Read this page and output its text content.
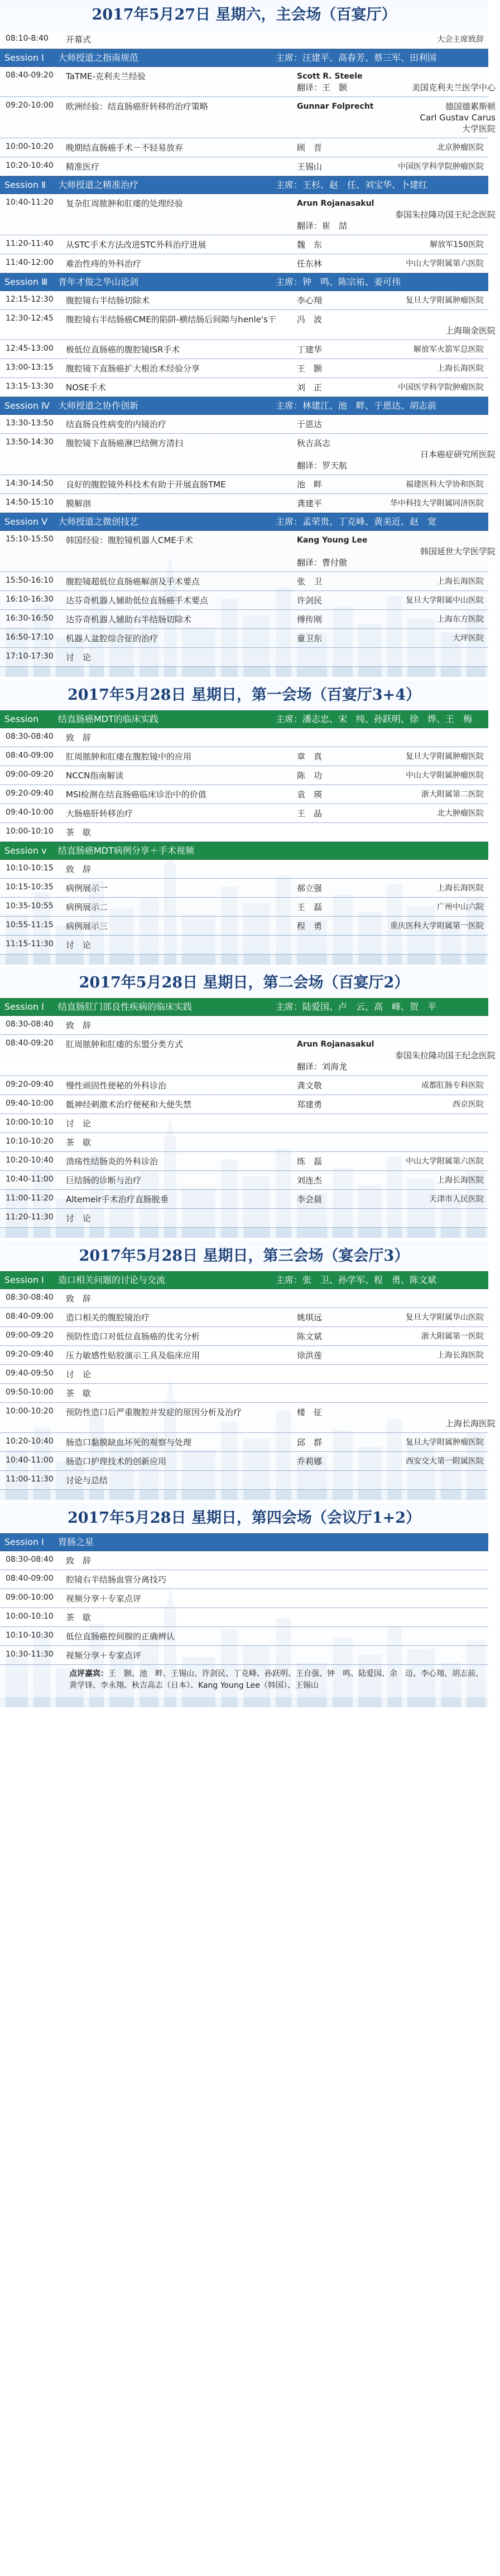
2017年5月27日 星期六，主会场（百宴厅）
08:10-8:40	开幕式	大会主席致辞
Session Ⅰ	大师授道之指南规范	主席：汪建平、高春芳、蔡三军、田利国
08:40-09:20	TaTME-克利夫兰经验	Scott R. Steele
翻译：王　颢	美国克利夫兰医学中心
09:20-10:00	欧洲经验：结直肠癌肝转移的治疗策略	Gunnar Folprecht	德国德累斯顿
Carl Gustav Carus
大学医院
10:00-10:20	晚期结直肠癌手术－不轻易放弃	顾　晋	北京肿瘤医院
10:20-10:40	精准医疗	王锡山	中国医学科学院肿瘤医院
Session Ⅱ	大师授道之精准治疗	主席：王杉、赵　任、刘宝华、卜建红
10:40-11:20	复杂肛周脓肿和肛瘘的处理经验	Arun Rojanasakul
泰国朱拉隆功国王纪念医院
翻译：崔　喆
11:20-11:40	从STC手术方法改进STC外科治疗进展	魏　东	解放军150医院
11:40-12:00	难治性痔的外科治疗	任东林	中山大学附属第六医院
Session Ⅲ	青年才俊之华山论剑	主席：钟　鸣、陈宗祐、姜可伟
12:15-12:30	腹腔镜右半结肠切除术	李心翔	复旦大学附属肿瘤医院
12:30-12:45	腹腔镜右半结肠癌CME的陷阱-横结肠后间隙与henle's干	冯　波
上海瑞金医院
12:45-13:00	极低位直肠癌的腹腔镜ISR手术	丁建华	解放军火箭军总医院
13:00-13:15	腹腔镜下直肠癌扩大根治术经验分享	王　颢	上海长海医院
13:15-13:30	NOSE手术	刘　正	中国医学科学院肿瘤医院
Session Ⅳ 大师授道之协作创新	主席：林建江、池　畔、于恩达、胡志前
13:30-13:50	结直肠良性病变的内镜治疗	于恩达
13:50-14:30	腹腔镜下直肠癌淋巴结侧方清扫	秋吉高志
日本癌症研究所医院
翻译：罗天航
14:30-14:50	良好的腹腔镜外科技术有助于开展直肠TME	池　畔	福建医科大学协和医院
14:50-15:10	膜解剖	龚建平	华中科技大学附属同济医院
Session Ⅴ	大师授道之微创技艺	主席：孟荣贵、丁克峰、黄美近、赵　宽
15:10-15:50	韩国经验：腹腔镜机器人CME手术	Kang Young Lee
韩国延世大学医学院
翻译：曹付傲
15:50-16:10	腹腔镜超低位直肠癌解剖及手术要点	张　卫	上海长海医院
16:10-16:30	达芬奇机器人辅助低位直肠癌手术要点	许剑民	复旦大学附属中山医院
16:30-16:50	达芬奇机器人辅助右半结肠切除术	傅传刚	上海东方医院
16:50-17:10	机器人盆腔综合征的治疗	童卫东	大坪医院
17:10-17:30	讨　论
2017年5月28日 星期日，第一会场（百宴厅3+4）
Session	结直肠癌MDT的临床实践	主席：潘志忠、宋　纯、孙跃明、徐　烨、王　梅
08:30-08:40	致　辞
08:40-09:00	肛周脓肿和肛瘘在腹腔镜中的应用	章　真	复旦大学附属肿瘤医院
09:00-09:20	NCCN指南解读	陈　功	中山大学附属肿瘤医院
09:20-09:40	MSI检测在结直肠癌临床诊治中的价值	袁　瑛	浙大附属第二医院
09:40-10:00	大肠癌肝转移治疗	王　晶	北大肿瘤医院
10:00-10:10	茶　歇
Session ⅴ	结直肠癌MDT病例分享＋手术视频
10:10-10:15	致　辞
10:15-10:35	病例展示一	郝立强	上海长海医院
10:35-10:55	病例展示二	王　磊	广州中山六院
10:55-11:15	病例展示三	程　勇	重庆医科大学附属第一医院
11:15-11:30	讨　论
2017年5月28日 星期日，第二会场（百宴厅2）
Session Ⅰ	结直肠肛门部良性疾病的临床实践	主席：陆爱国、卢　云、高　峰、贺　平
08:30-08:40	致　辞
08:40-09:20	肛周脓肿和肛瘘的东盟分类方式	Arun Rojanasakul
泰国朱拉隆功国王纪念医院
翻译：刘海龙
09:20-09:40	慢性顽固性便秘的外科诊治	龚文敬	成都肛肠专科医院
09:40-10:00	骶神经刺激术治疗便秘和大便失禁	郑建勇	西京医院
10:00-10:10	讨　论
10:10-10:20	茶　歇
10:20-10:40	溃疡性结肠炎的外科诊治	练　磊	中山大学附属第六医院
10:40-11:00	巨结肠的诊断与治疗	刘连杰	上海长海医院
11:00-11:20	Altemeir手术治疗直肠脱垂	李会晨	天津市人民医院
11:20-11:30	讨　论
2017年5月28日 星期日，第三会场（宴会厅3）
Session Ⅰ	造口相关问题的讨论与交流	主席：张　卫、孙学军、程　勇、陈文斌
08:30-08:40	致　辞
08:40-09:00	造口相关的腹腔镜治疗	姚琪远	复旦大学附属华山医院
09:00-09:20	预防性造口对低位直肠癌的优劣分析	陈文斌	浙大附属第一医院
09:20-09:40	压力敏感性贴胶演示工具及临床应用	徐洪莲	上海长海医院
09:40-09:50	讨　论
09:50-10:00	茶　歇
10:00-10:20	预防性造口后严重腹腔并发症的原因分析及治疗	楼　征
上海长海医院
10:20-10:40	肠造口黏膜缺血坏死的观察与处理	邱　群	复旦大学附属肿瘤医院
10:40-11:00	肠造口护理技术的创新应用	乔莉娜	西安交大第一附属医院
11:00-11:30	讨论与总结
2017年5月28日 星期日，第四会场（会议厅1+2）
Session Ⅰ	胃肠之星
08:30-08:40	致　辞
08:40-09:00	腔镜右半结肠血管分离技巧
09:00-10:00	视频分享＋专家点评
10:00-10:10	茶　歇
10:10-10:30	低位直肠癌控间腺的正确辨认
10:30-11:30	视频分享＋专家点评
点评嘉宾：王　颢、池　畔、王锡山、许剑民、丁克峰、孙跃明、王自强、钟　鸣、陆爱国、余　迈、李心翔、胡志前、黄学锋、李永翔、秋吉高志（日本）、Kang Young Lee（韩国）、王锡山
